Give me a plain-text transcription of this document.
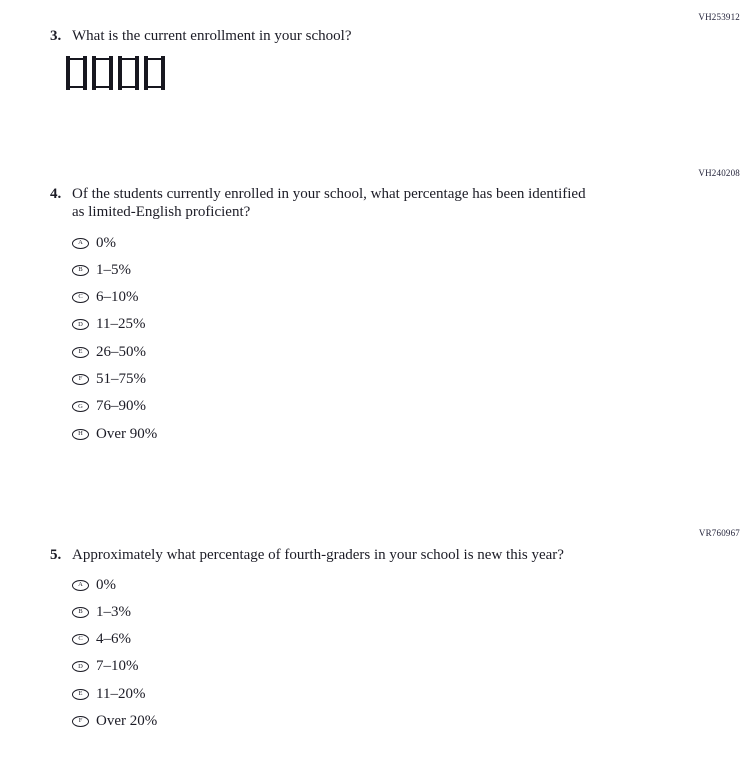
VH253912
3. What is the current enrollment in your school?
VH240208
4. Of the students currently enrolled in your school, what percentage has been identified as limited-English proficient?
A 0%
B 1–5%
C 6–10%
D 11–25%
E 26–50%
F 51–75%
G 76–90%
H Over 90%
VR760967
5. Approximately what percentage of fourth-graders in your school is new this year?
A 0%
B 1–3%
C 4–6%
D 7–10%
E 11–20%
F Over 20%
